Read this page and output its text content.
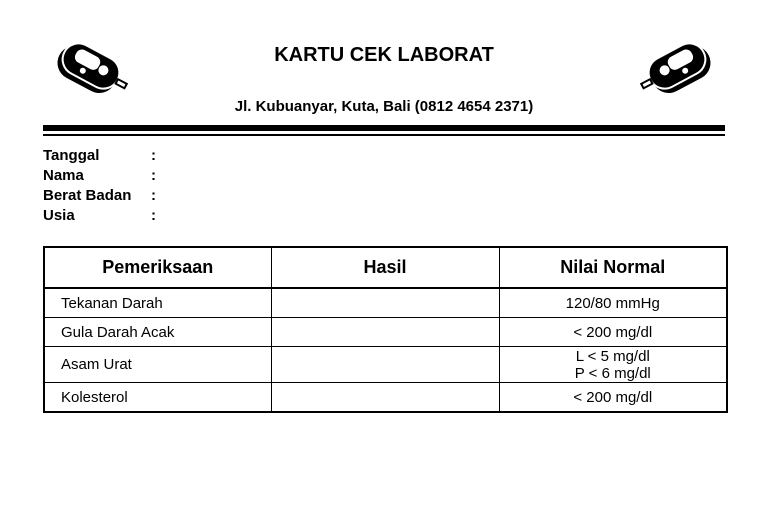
KARTU CEK LABORAT
Jl. Kubuanyar, Kuta, Bali (0812 4654 2371)
Tanggal	:
Nama	:
Berat Badan	:
Usia	:
Pemeriksaan	Hasil	Nilai Normal
Tekanan Darah		120/80 mmHg

Gula Darah Acak		< 200 mg/dl

Asam Urat		L < 5 mg/dl
P < 6 mg/dl

Kolesterol		< 200 mg/dl
